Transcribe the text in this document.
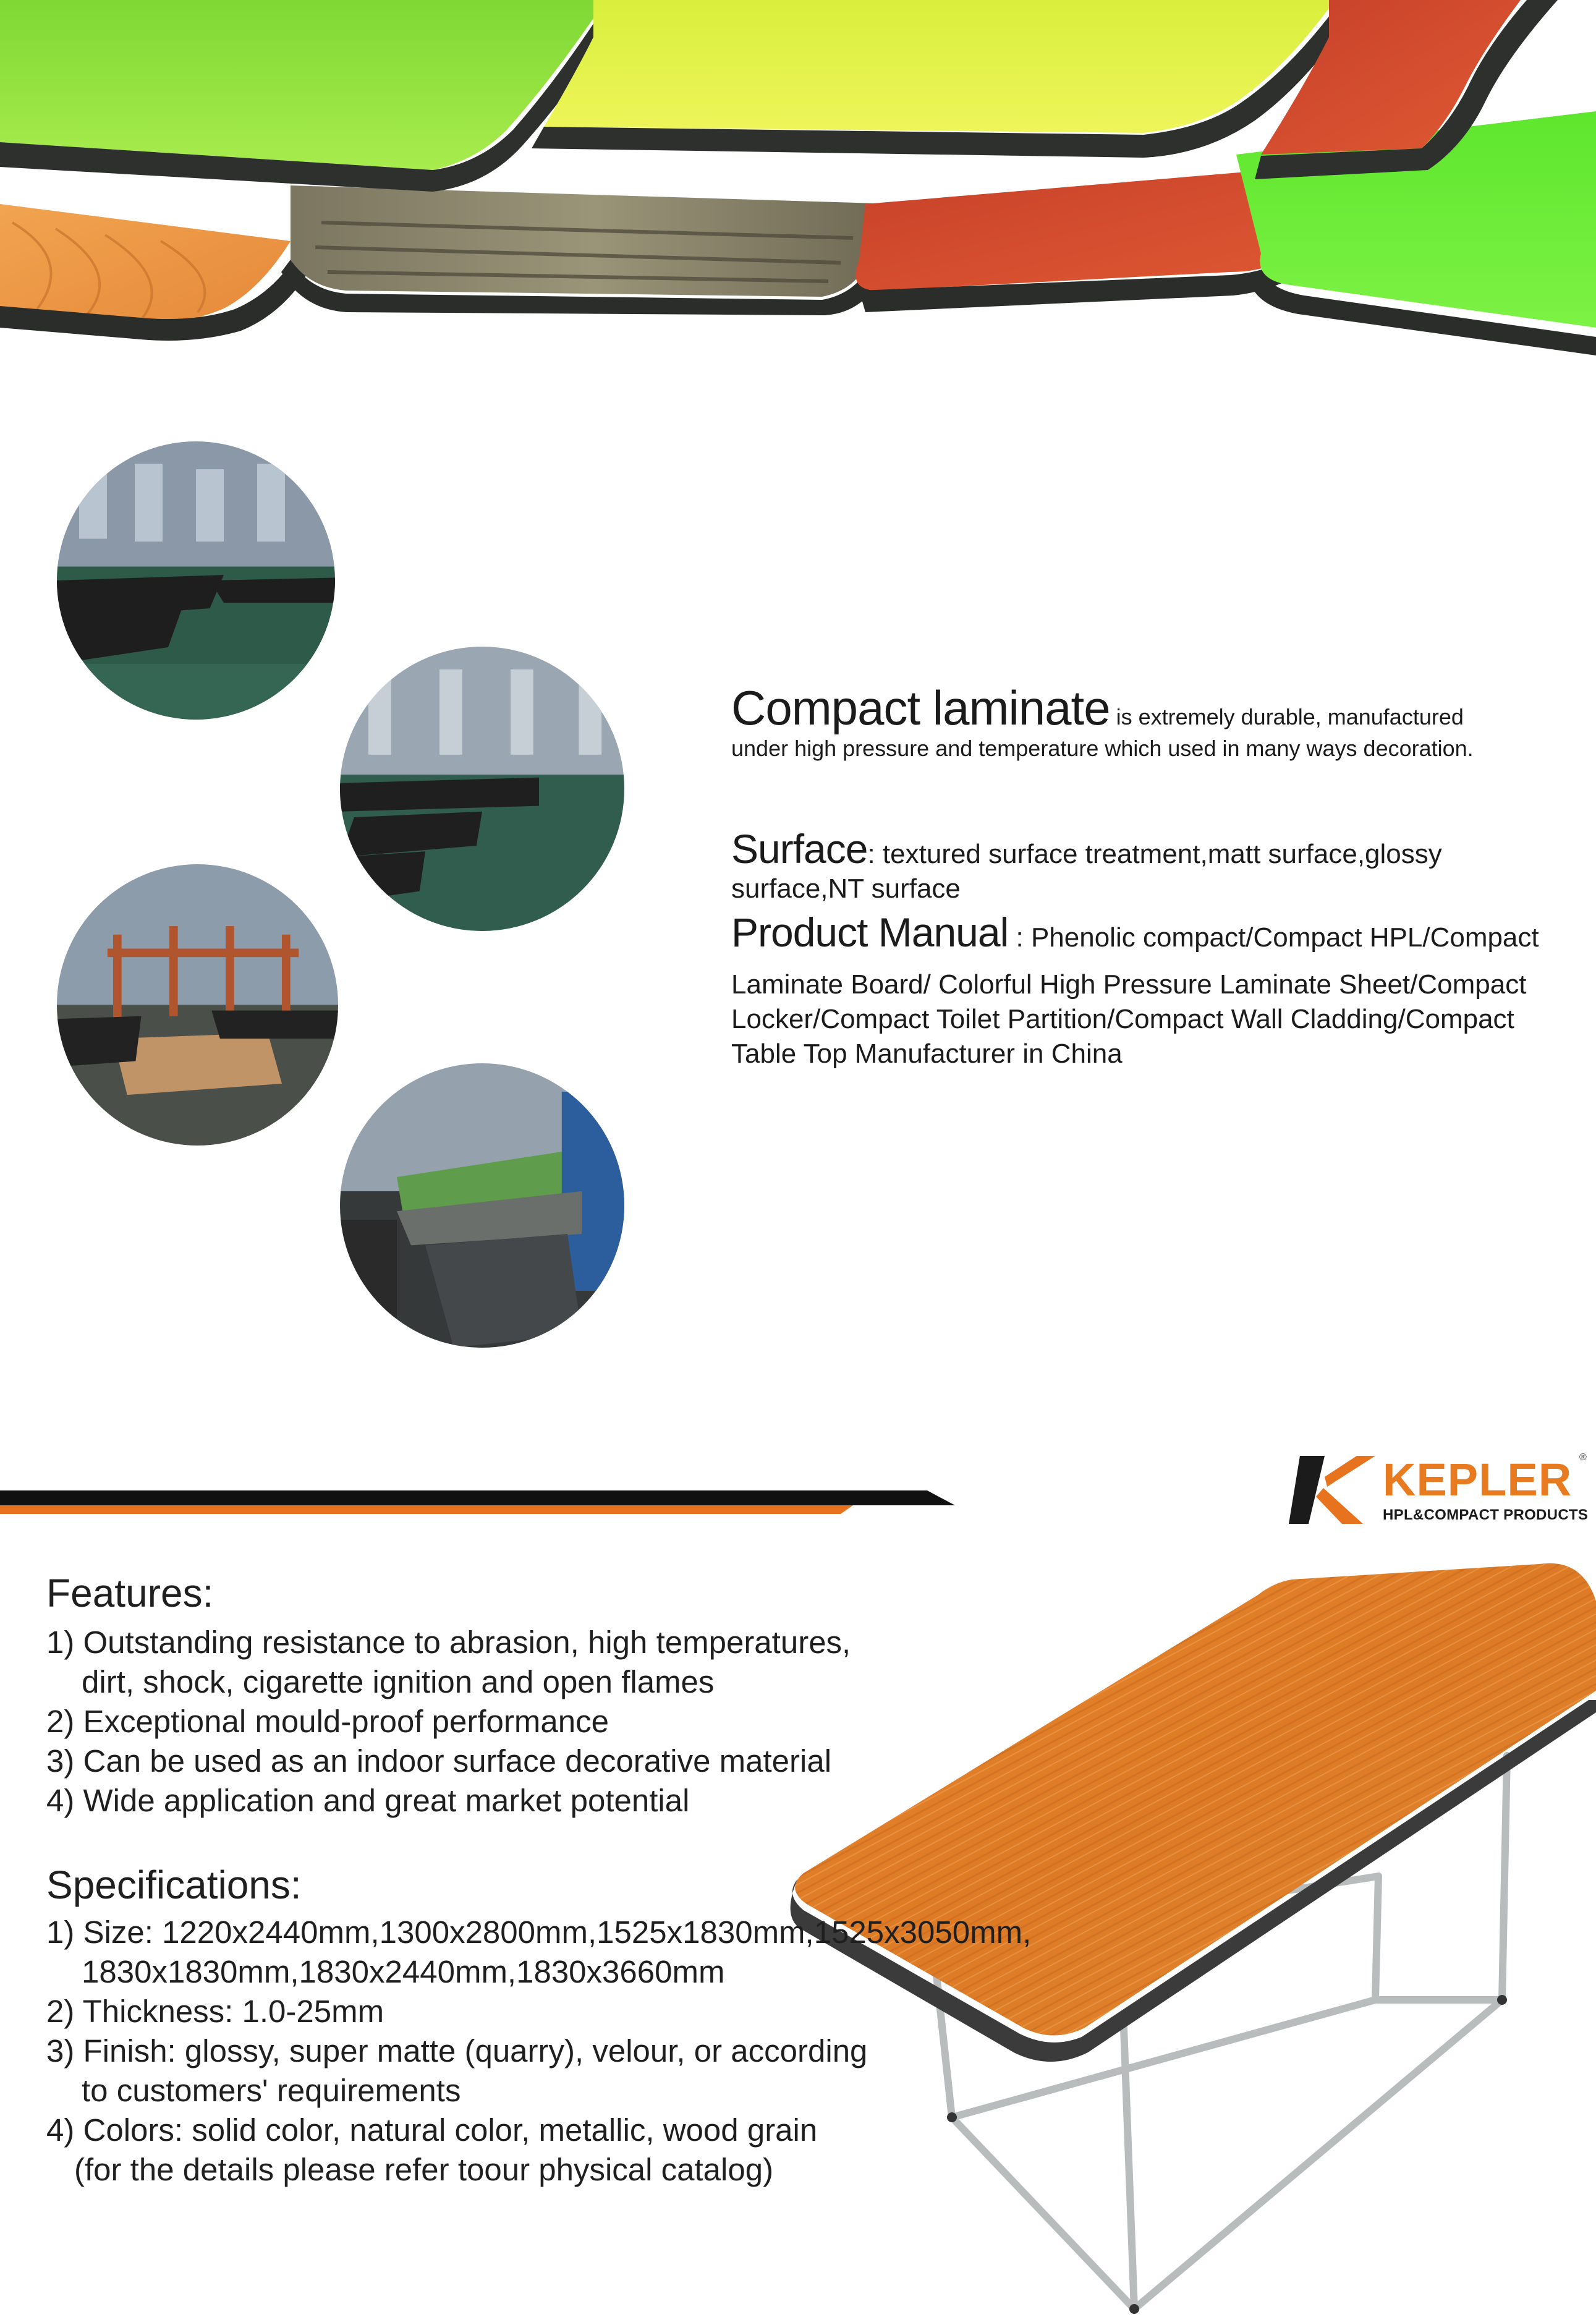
Compact laminate is extremely durable, manufactured
under high pressure and temperature which used in many ways decoration.
Surface: textured surface treatment,matt surface,glossy
surface,NT surface
Product Manual : Phenolic compact/Compact HPL/Compact
Laminate Board/ Colorful High Pressure Laminate Sheet/Compact
Locker/Compact Toilet Partition/Compact Wall Cladding/Compact
Table Top Manufacturer in China
KEPLER ®
HPL&COMPACT PRODUCTS
Features:
1) Outstanding resistance to abrasion, high temperatures,
dirt, shock, cigarette ignition and open flames
2) Exceptional mould-proof performance
3) Can be used as an indoor surface decorative material
4) Wide application and great market potential
Specifications:
1) Size: 1220x2440mm,1300x2800mm,1525x1830mm,1525x3050mm,
1830x1830mm,1830x2440mm,1830x3660mm
2) Thickness: 1.0-25mm
3) Finish: glossy, super matte (quarry), velour, or according
to customers' requirements
4) Colors: solid color, natural color, metallic, wood grain
(for the details please refer toour physical catalog)
